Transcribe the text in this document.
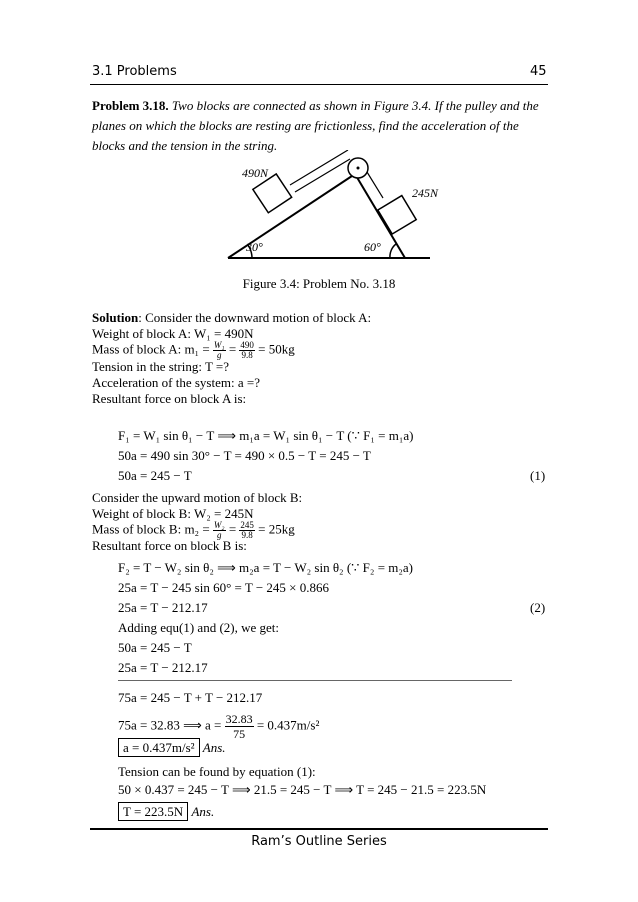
3.1 Problems	45
Problem 3.18. Two blocks are connected as shown in Figure 3.4. If the pulley and the planes on which the blocks are resting are frictionless, find the acceleration of the blocks and the tension in the string.
490N
245N
30°	60°
Figure 3.4: Problem No. 3.18
Solution: Consider the downward motion of block A:
Weight of block A: W₁ = 490N
Mass of block A: $m_1 = \frac{\text{W₁}}{g} = \frac{490}{9.8} = 50kg$
Tension in the string: T =?
Acceleration of the system: a =?
Resultant force on block A is:
F₁ = W₁ sin θ₁ − T ⟹ m₁a = W₁ sin θ₁ − T (∵ F₁ = m₁a)
50a = 490 sin 30° − T = 490 × 0.5 − T = 245 − T
50a = 245 − T	(1)
Consider the upward motion of block B:
Weight of block B: W₂ = 245N
Mass of block B: $m_2 = \frac{\text{W₂}}{g} = \frac{245}{9.8} = 25kg$
Resultant force on block B is:
F₂ = T − W₂ sin θ₂ ⟹ m₂a = T − W₂ sin θ₂ (∵ F₂ = m₂a)
25a = T − 245 sin 60° = T − 245 × 0.866
25a = T − 212.17	(2)
Adding equ(1) and (2), we get:
50a = 245 − T
25a = T − 212.17
75a = 245 − T + T − 212.17
75a = 32.83 ⟹ $a = \frac{32.83}{75} = 0.437m/s^2$
a = 0.437m/s² Ans.
Tension can be found by equation (1):
50 × 0.437 = 245 − T ⟹ 21.5 = 245 − T ⟹ T = 245 − 21.5 = 223.5N
T = 223.5N Ans.
Ram’s Outline Series
